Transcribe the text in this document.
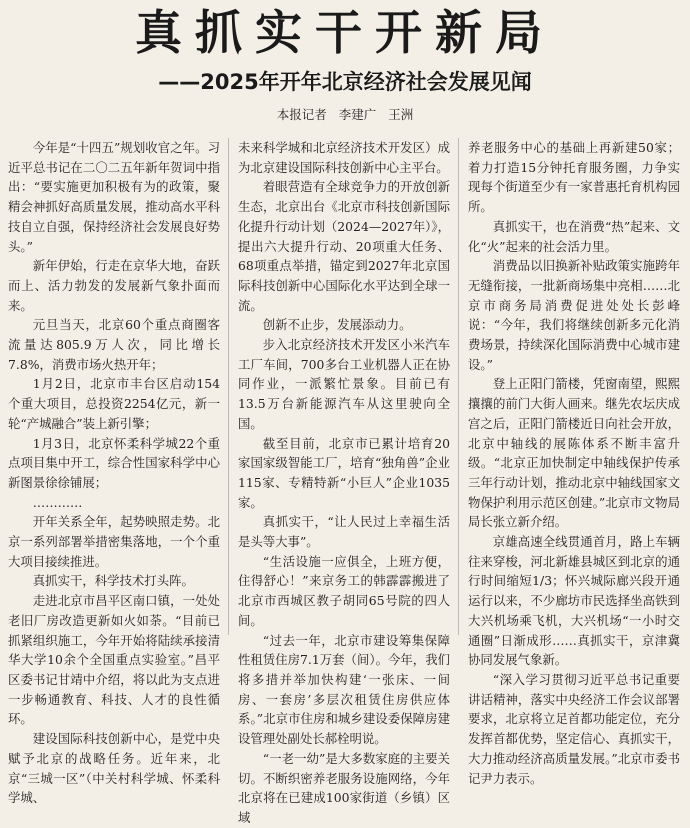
真抓实干开新局
——2025年开年北京经济社会发展见闻
本报记者 李建广 王洲

今年是“十四五”规划收官之年。习近平总书记在二〇二五年新年贺词中指出：“要实施更加积极有为的政策，聚精会神抓好高质量发展，推动高水平科技自立自强，保持经济社会发展良好势头。”

新年伊始，行走在京华大地，奋跃而上、活力勃发的发展新气象扑面而来。

元旦当天，北京60个重点商圈客流量达805.9万人次，同比增长7.8%，消费市场火热开年；

1月2日，北京市丰台区启动154个重大项目，总投资2254亿元，新一轮“产城融合”装上新引擎；

1月3日，北京怀柔科学城22个重点项目集中开工，综合性国家科学中心新图景徐徐铺展；

…………

开年关系全年，起势映照走势。北京一系列部署举措密集落地，一个个重大项目接续推进。

真抓实干，科学技术打头阵。

走进北京市昌平区南口镇，一处处老旧厂房改造更新如火如荼。“目前已抓紧组织施工，今年开始将陆续承接清华大学10余个全国重点实验室。”昌平区委书记甘靖中介绍，将以此为支点进一步畅通教育、科技、人才的良性循环。

建设国际科技创新中心，是党中央赋予北京的战略任务。近年来，北京“三城一区”（中关村科学城、怀柔科学城、

未来科学城和北京经济技术开发区）成为北京建设国际科技创新中心主平台。

着眼营造有全球竞争力的开放创新生态，北京出台《北京市科技创新国际化提升行动计划（2024—2027年）》，提出六大提升行动、20项重大任务、68项重点举措，锚定到2027年北京国际科技创新中心国际化水平达到全球一流。

创新不止步，发展添动力。

步入北京经济技术开发区小米汽车工厂车间，700多台工业机器人正在协同作业，一派繁忙景象。目前已有13.5万台新能源汽车从这里驶向全国。

截至目前，北京市已累计培育20家国家级智能工厂，培育“独角兽”企业115家、专精特新“小巨人”企业1035家。

真抓实干，“让人民过上幸福生活是头等大事”。

“生活设施一应俱全，上班方便，住得舒心！”来京务工的韩霹霹搬进了北京市西城区教子胡同65号院的四人间。

“过去一年，北京市建设筹集保障性租赁住房7.1万套（间）。今年，我们将多措并举加快构建‘一张床、一间房、一套房’多层次租赁住房供应体系。”北京市住房和城乡建设委保障房建设管理处副处长郝栓明说。

“一老一幼”是大多数家庭的主要关切。不断织密养老服务设施网络，今年北京将在已建成100家街道（乡镇）区域

养老服务中心的基础上再新建50家；着力打造15分钟托育服务圈，力争实现每个街道至少有一家普惠托育机构园所。

真抓实干，也在消费“热”起来、文化“火”起来的社会活力里。

消费品以旧换新补贴政策实施跨年无缝衔接，一批新商场集中亮相……北京市商务局消费促进处处长彭峰说：“今年，我们将继续创新多元化消费场景，持续深化国际消费中心城市建设。”

登上正阳门箭楼，凭窗南望，熙熙攘攘的前门大街人画来。继先农坛庆成宫之后，正阳门箭楼近日向社会开放，北京中轴线的展陈体系不断丰富升级。“北京正加快制定中轴线保护传承三年行动计划，推动北京中轴线国家文物保护利用示范区创建。”北京市文物局局长张立新介绍。

京雄高速全线贯通首月，路上车辆往来穿梭，河北新雄县城区到北京的通行时间缩短1/3；怀兴城际廊兴段开通运行以来，不少廊坊市民选择坐高铁到大兴机场乘飞机，大兴机场“一小时交通圈”日渐成形……真抓实干，京津冀协同发展气象新。

“深入学习贯彻习近平总书记重要讲话精神，落实中央经济工作会议部署要求，北京将立足首都功能定位，充分发挥首都优势，坚定信心、真抓实干，大力推动经济高质量发展。”北京市委书记尹力表示。
